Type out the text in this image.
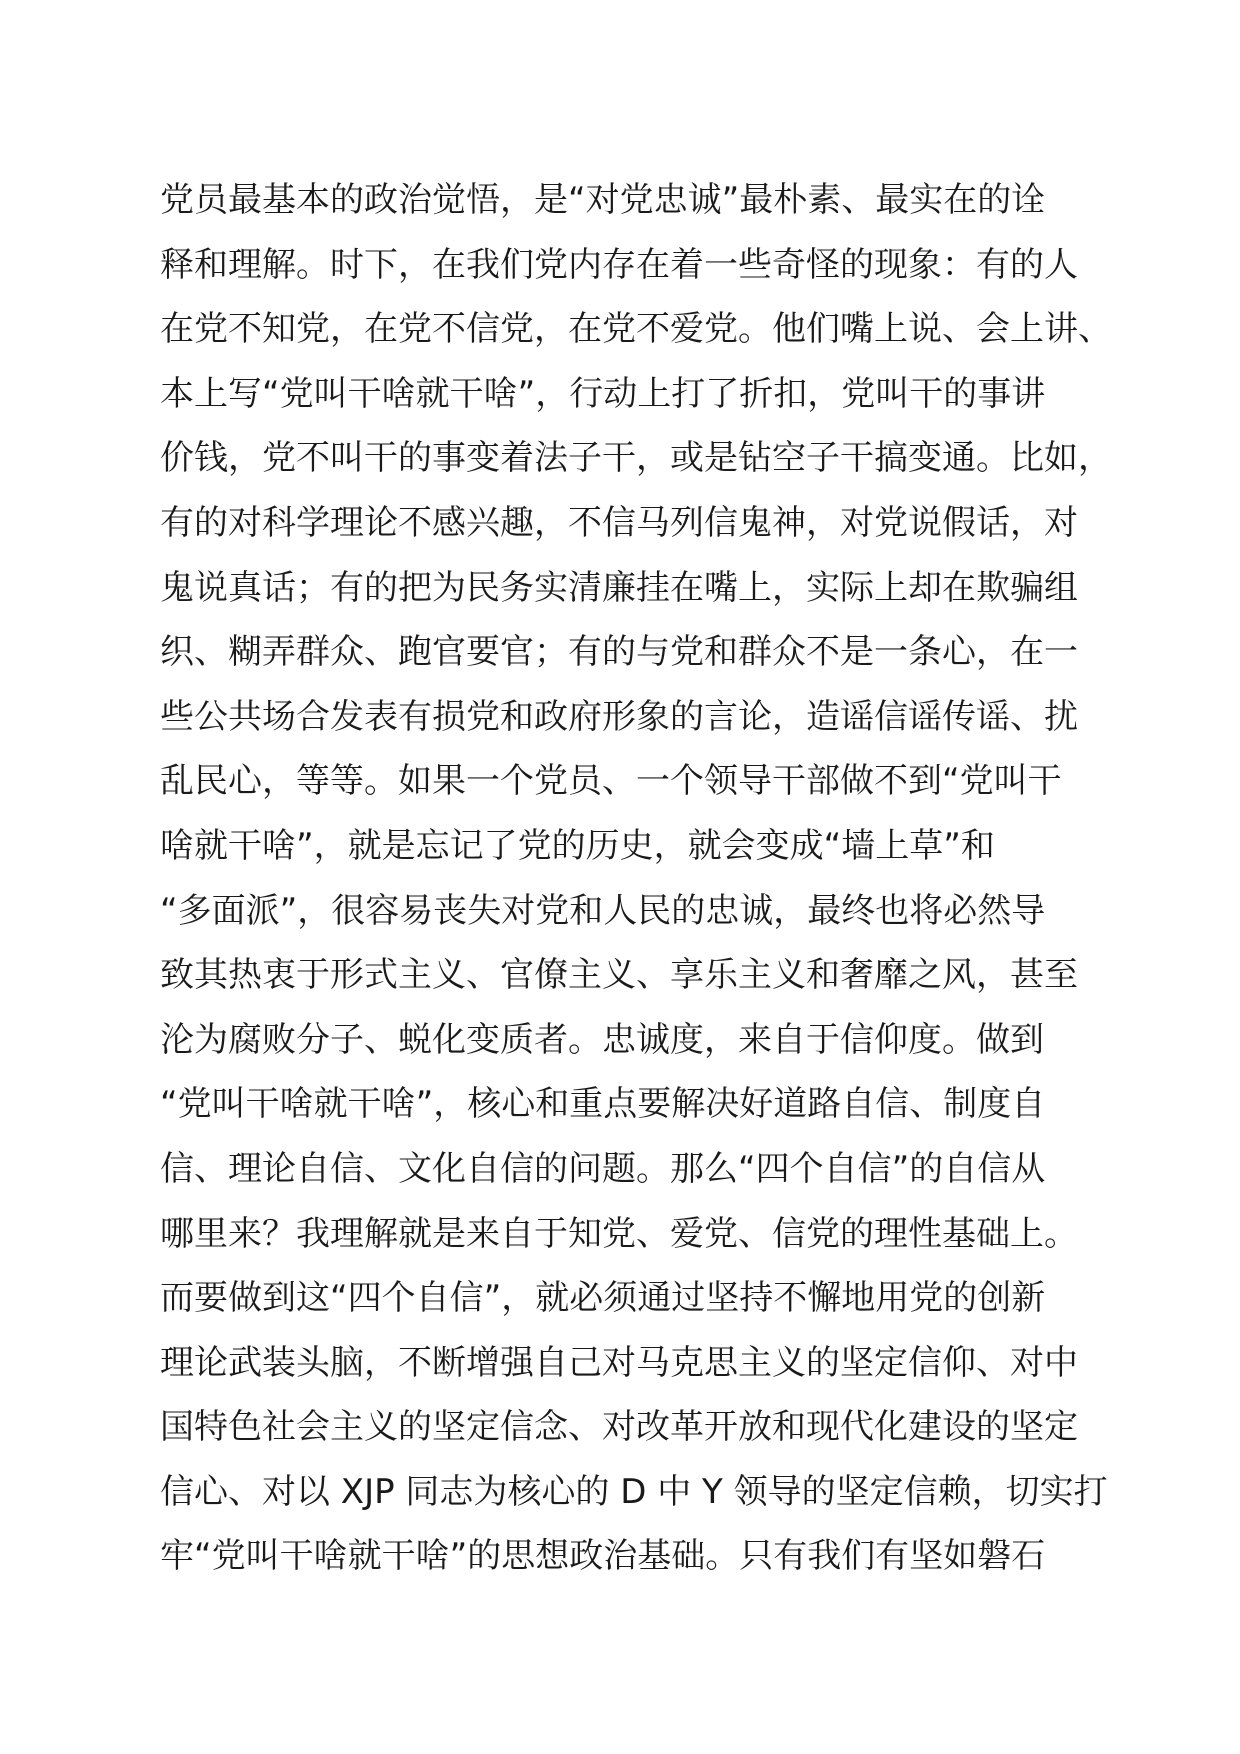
党员最基本的政治觉悟，是“对党忠诚”最朴素、最实在的诠
释和理解。时下，在我们党内存在着一些奇怪的现象：有的人
在党不知党，在党不信党，在党不爱党。他们嘴上说、会上讲、
本上写“党叫干啥就干啥”，行动上打了折扣，党叫干的事讲
价钱，党不叫干的事变着法子干，或是钻空子干搞变通。比如，
有的对科学理论不感兴趣，不信马列信鬼神，对党说假话，对
鬼说真话；有的把为民务实清廉挂在嘴上，实际上却在欺骗组
织、糊弄群众、跑官要官；有的与党和群众不是一条心，在一
些公共场合发表有损党和政府形象的言论，造谣信谣传谣、扰
乱民心，等等。如果一个党员、一个领导干部做不到“党叫干
啥就干啥”，就是忘记了党的历史，就会变成“墙上草”和
“多面派”，很容易丧失对党和人民的忠诚，最终也将必然导
致其热衷于形式主义、官僚主义、享乐主义和奢靡之风，甚至
沦为腐败分子、蜕化变质者。忠诚度，来自于信仰度。做到
“党叫干啥就干啥”，核心和重点要解决好道路自信、制度自
信、理论自信、文化自信的问题。那么“四个自信”的自信从
哪里来？我理解就是来自于知党、爱党、信党的理性基础上。
而要做到这“四个自信”，就必须通过坚持不懈地用党的创新
理论武装头脑，不断增强自己对马克思主义的坚定信仰、对中
国特色社会主义的坚定信念、对改革开放和现代化建设的坚定
信心、对以 XJP 同志为核心的 D 中 Y 领导的坚定信赖，切实打
牢“党叫干啥就干啥”的思想政治基础。只有我们有坚如磐石
